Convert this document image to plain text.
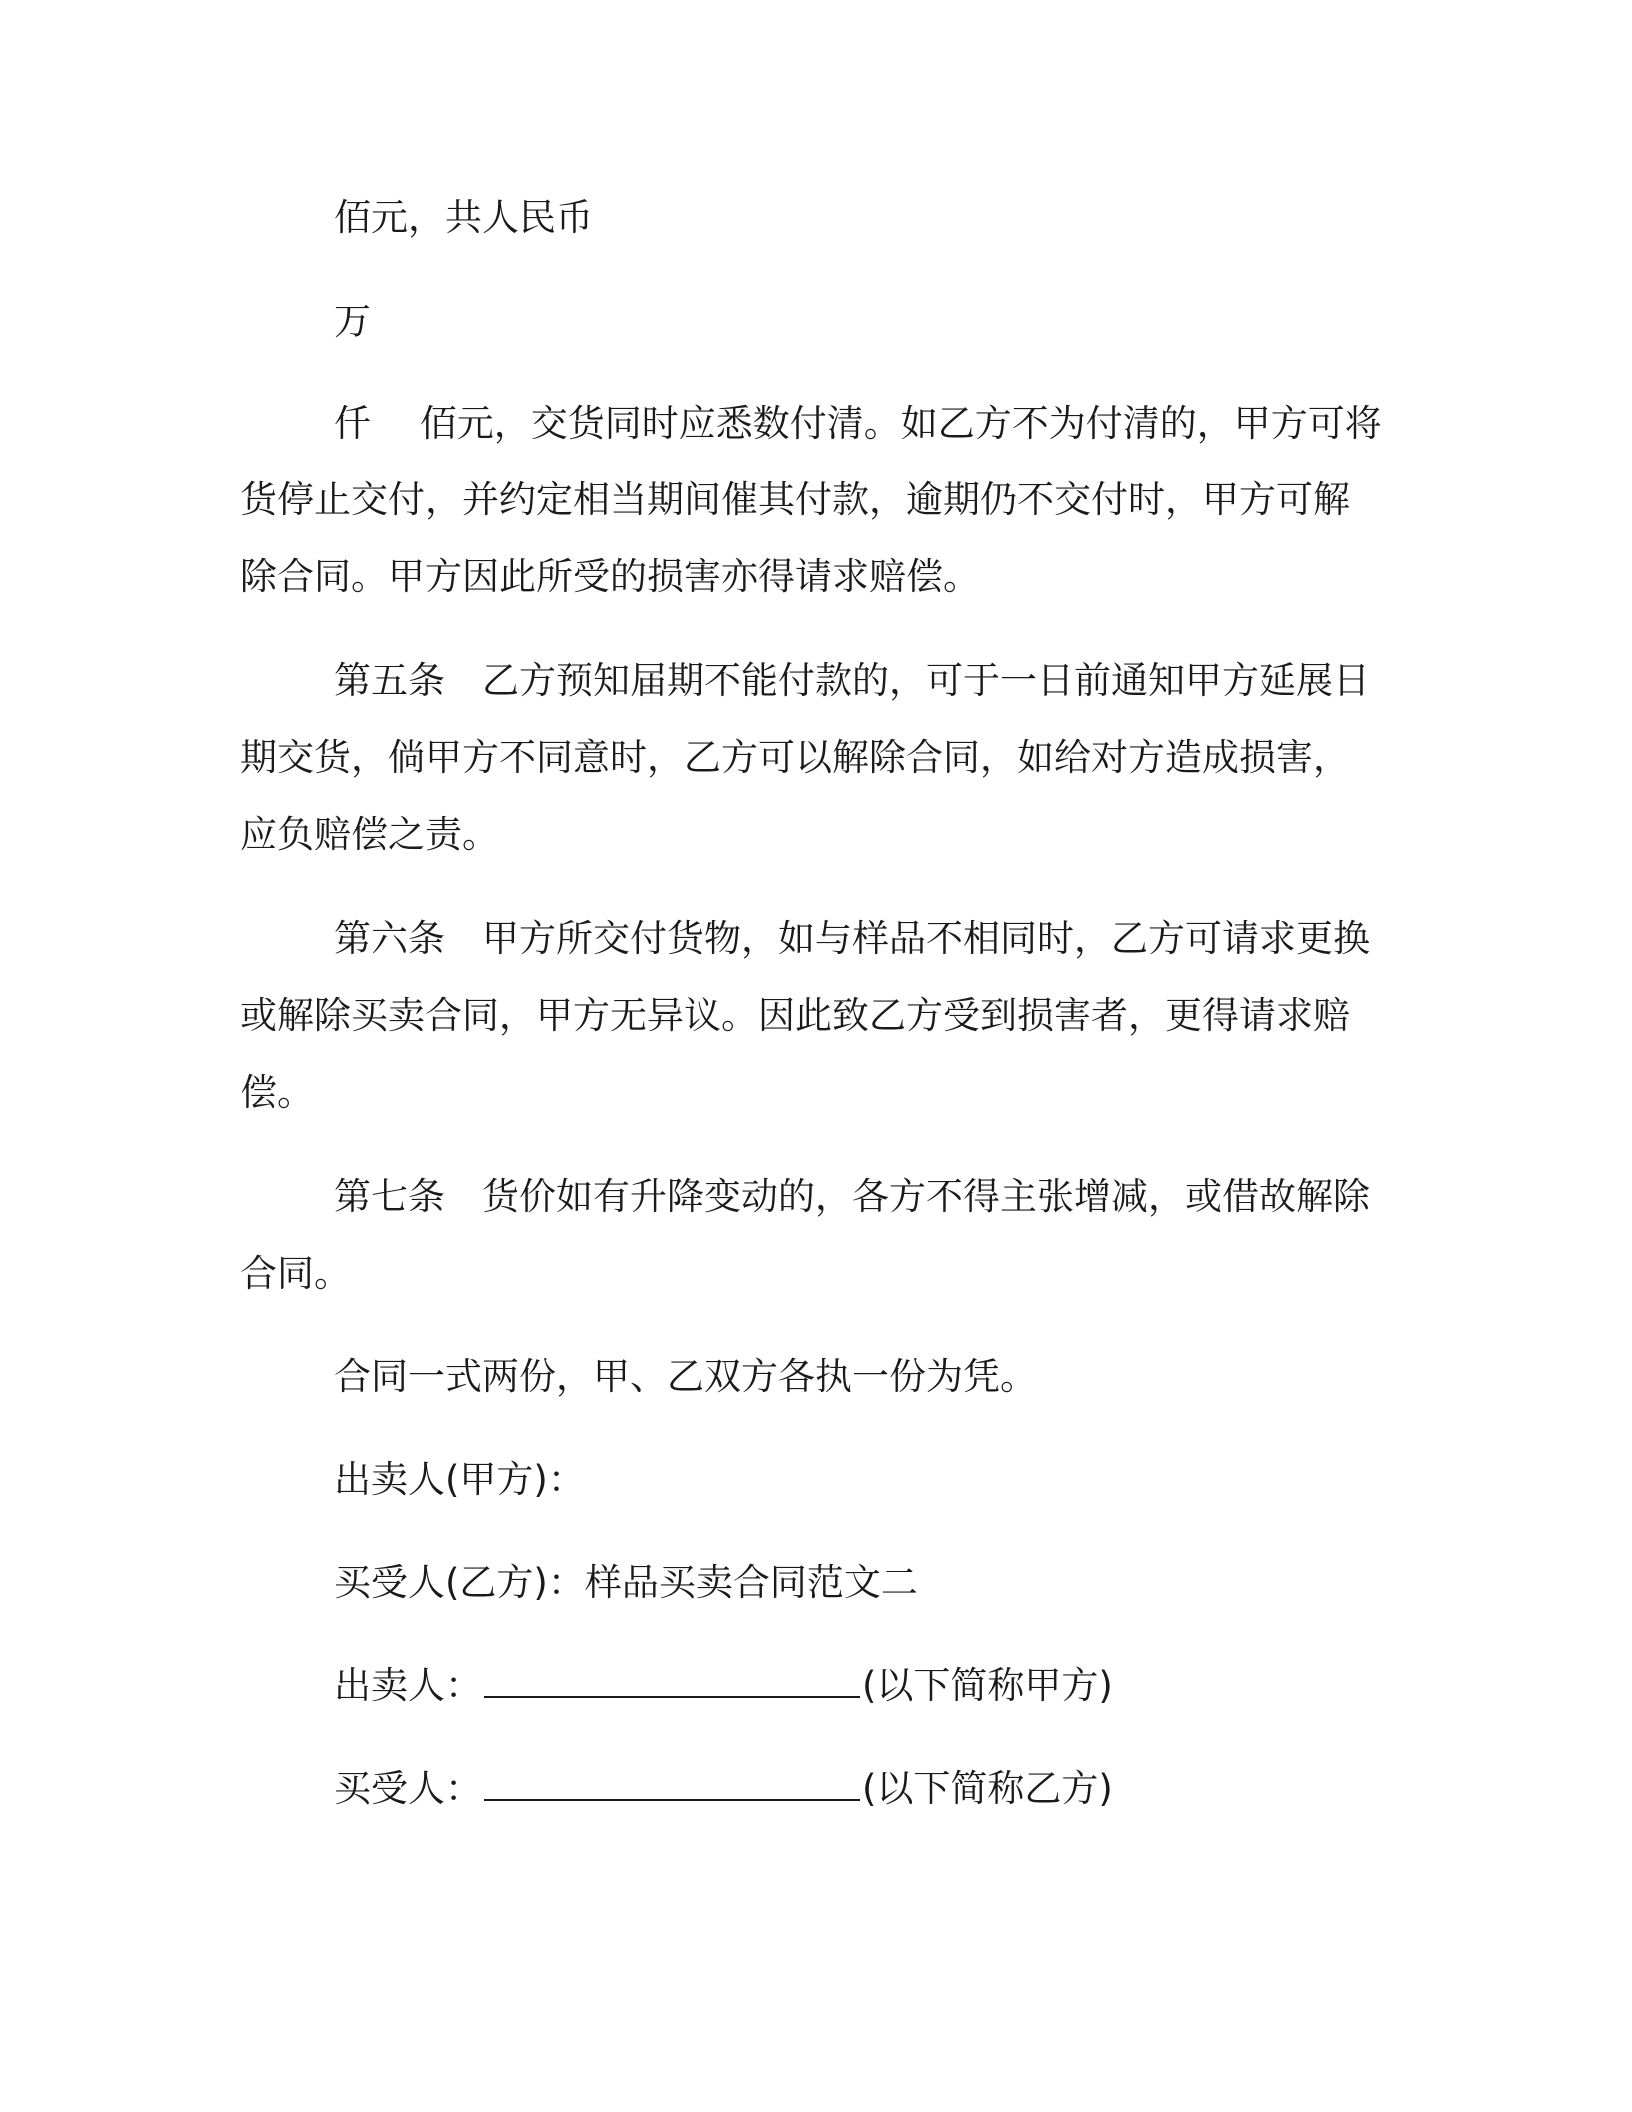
佰元，共人民币
万
仟　 佰元，交货同时应悉数付清。如乙方不为付清的，甲方可将
货停止交付，并约定相当期间催其付款，逾期仍不交付时，甲方可解
除合同。甲方因此所受的损害亦得请求赔偿。
第五条　乙方预知届期不能付款的，可于一日前通知甲方延展日
期交货，倘甲方不同意时，乙方可以解除合同，如给对方造成损害，
应负赔偿之责。
第六条　甲方所交付货物，如与样品不相同时，乙方可请求更换
或解除买卖合同，甲方无异议。因此致乙方受到损害者，更得请求赔
偿。
第七条　货价如有升降变动的，各方不得主张增减，或借故解除
合同。
合同一式两份，甲、乙双方各执一份为凭。
出卖人(甲方)：
买受人(乙方)：样品买卖合同范文二
出卖人：	(以下简称甲方)
买受人：	(以下简称乙方)
